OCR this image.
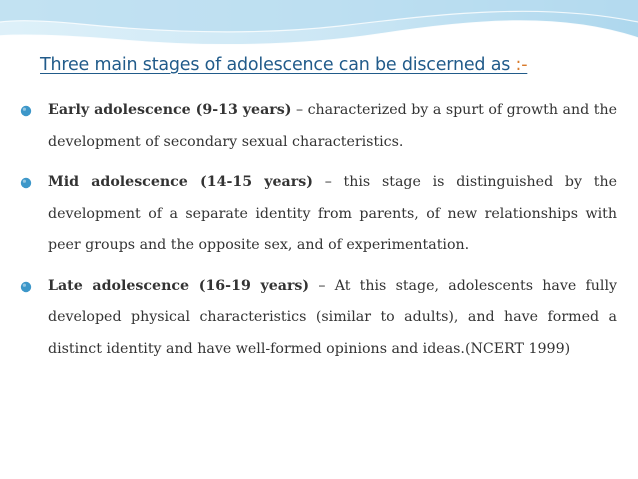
Three main stages of adolescence can be discerned as :-
Early adolescence (9-13 years) – characterized by a spurt of growth and the development of secondary sexual characteristics.
Mid adolescence (14-15 years) – this stage is distinguished by the development of a separate identity from parents, of new relationships with peer groups and the opposite sex, and of experimentation.
Late adolescence (16-19 years) – At this stage, adolescents have fully developed physical characteristics (similar to adults), and have formed a distinct identity and have well-formed opinions and ideas.(NCERT 1999)
